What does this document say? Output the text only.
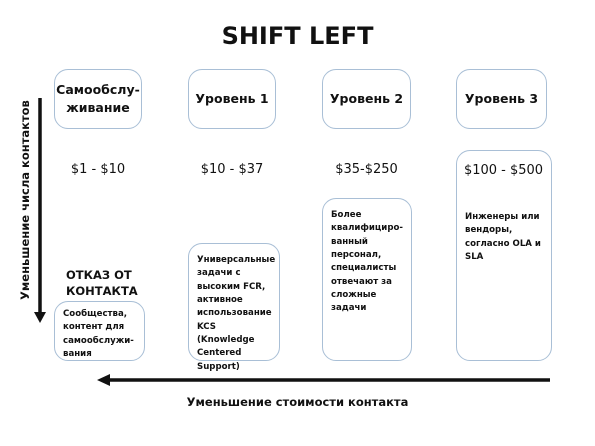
SHIFT LEFT
Самообслу-
живание
Уровень 1	Уровень 2	Уровень 3
$1 - $10	$10 - $37	$35-$250	$100 - $500
Инженеры или вендоры, согласно OLA и SLA
Более квалифициро-ванный персонал, специалисты отвечают за сложные задачи
Универсальные задачи с высоким FCR, активное использование KCS (Knowledge Centered Support)
ОТКАЗ ОТ
КОНТАКТА
Сообщества, контент для самообслужи-вания
Уменьшение числа контактов
Уменьшение стоимости контакта
